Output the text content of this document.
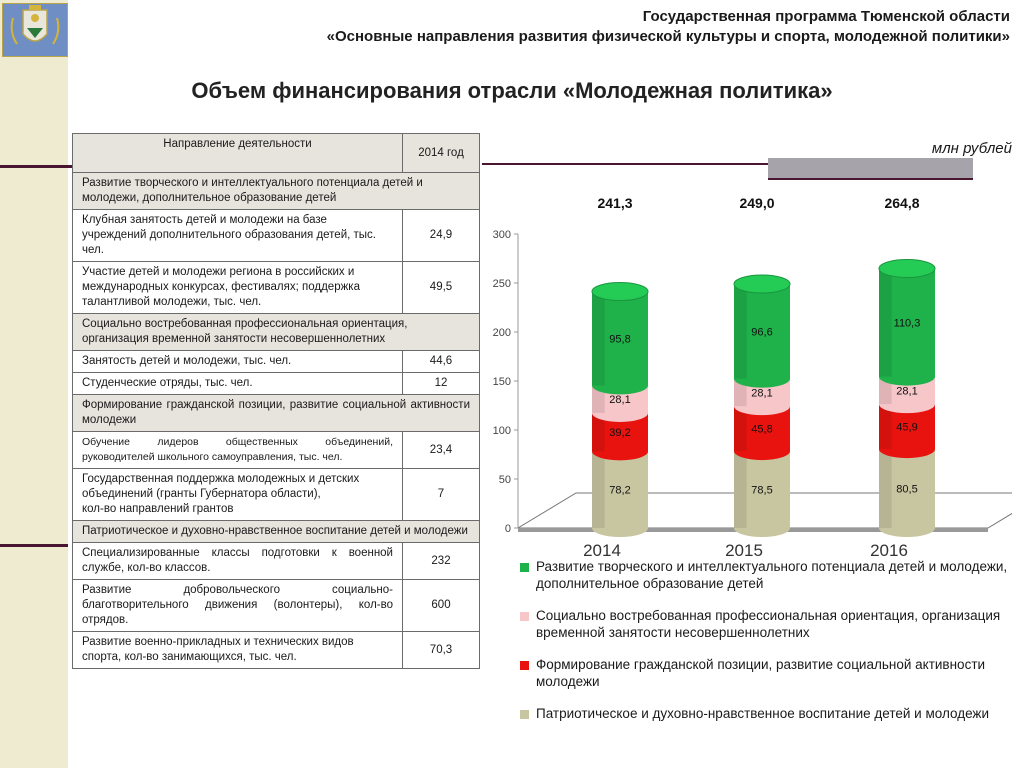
Государственная программа Тюменской области
«Основные направления развития физической культуры и спорта, молодежной политики»
Объем финансирования отрасли «Молодежная политика»
млн рублей
Направление деятельности	2014 год
Развитие творческого и интеллектуального потенциала детей и молодежи, дополнительное образование детей	
Клубная занятость детей и молодежи на базе учреждений дополнительного образования детей, тыс. чел.	24,9
Участие детей и молодежи региона в российских и международных конкурсах, фестивалях; поддержка талантливой молодежи, тыс. чел.	49,5
Социально востребованная профессиональная ориентация, организация временной занятости несовершеннолетних	
Занятость детей и молодежи, тыс. чел.	44,6
Студенческие отряды, тыс. чел.	12
Формирование гражданской позиции, развитие социальной активности молодежи	
Обучение лидеров общественных объединений, руководителей школьного самоуправления, тыс. чел.	23,4
Государственная поддержка молодежных и детских объединений (гранты Губернатора области),
кол-во направлений грантов	7
Патриотическое и духовно-нравственное воспитание детей и молодежи	
Специализированные классы подготовки к военной службе, кол-во классов.	232
Развитие добровольческого социально-благотворительного движения (волонтеры), кол-во отрядов.	600
Развитие военно-прикладных и технических видов спорта, кол-во занимающихся, тыс. чел.	70,3
0
50
100
150
200
250
300
78,2
39,2
28,1
95,8
241,3
2014
78,5
45,8
28,1
96,6
249,0
2015
80,5
45,9
28,1
110,3
264,8
2016
Развитие творческого и интеллектуального потенциала детей и молодежи, дополнительное образование детей
Социально востребованная профессиональная ориентация, организация временной занятости несовершеннолетних
Формирование гражданской позиции, развитие социальной активности молодежи
Патриотическое и духовно-нравственное воспитание детей и молодежи
